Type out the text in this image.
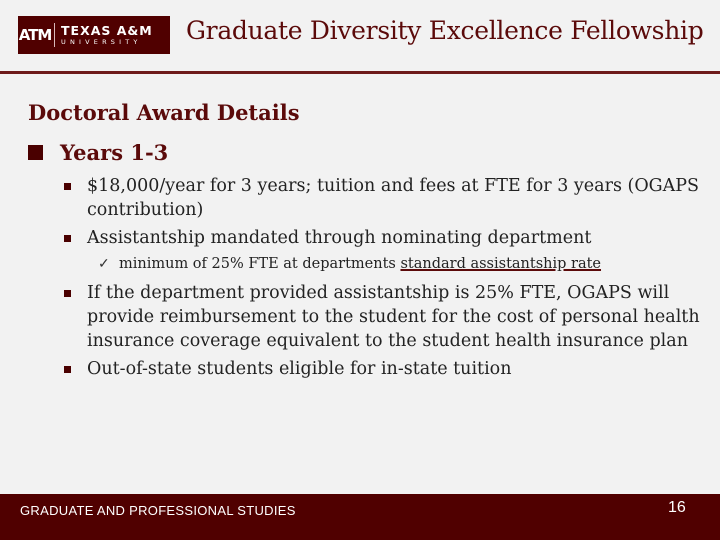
ATM TEXAS A&M
UNIVERSITY	Graduate Diversity Excellence Fellowship
Doctoral Award Details
Years 1-3
$18,000/year for 3 years; tuition and fees at FTE for 3 years (OGAPS contribution)
Assistantship mandated through nominating department
✓ minimum of 25% FTE at departments standard assistantship rate
If the department provided assistantship is 25% FTE, OGAPS will provide reimbursement to the student for the cost of personal health insurance coverage equivalent to the student health insurance plan
Out-of-state students eligible for in-state tuition
GRADUATE AND PROFESSIONAL STUDIES	16
